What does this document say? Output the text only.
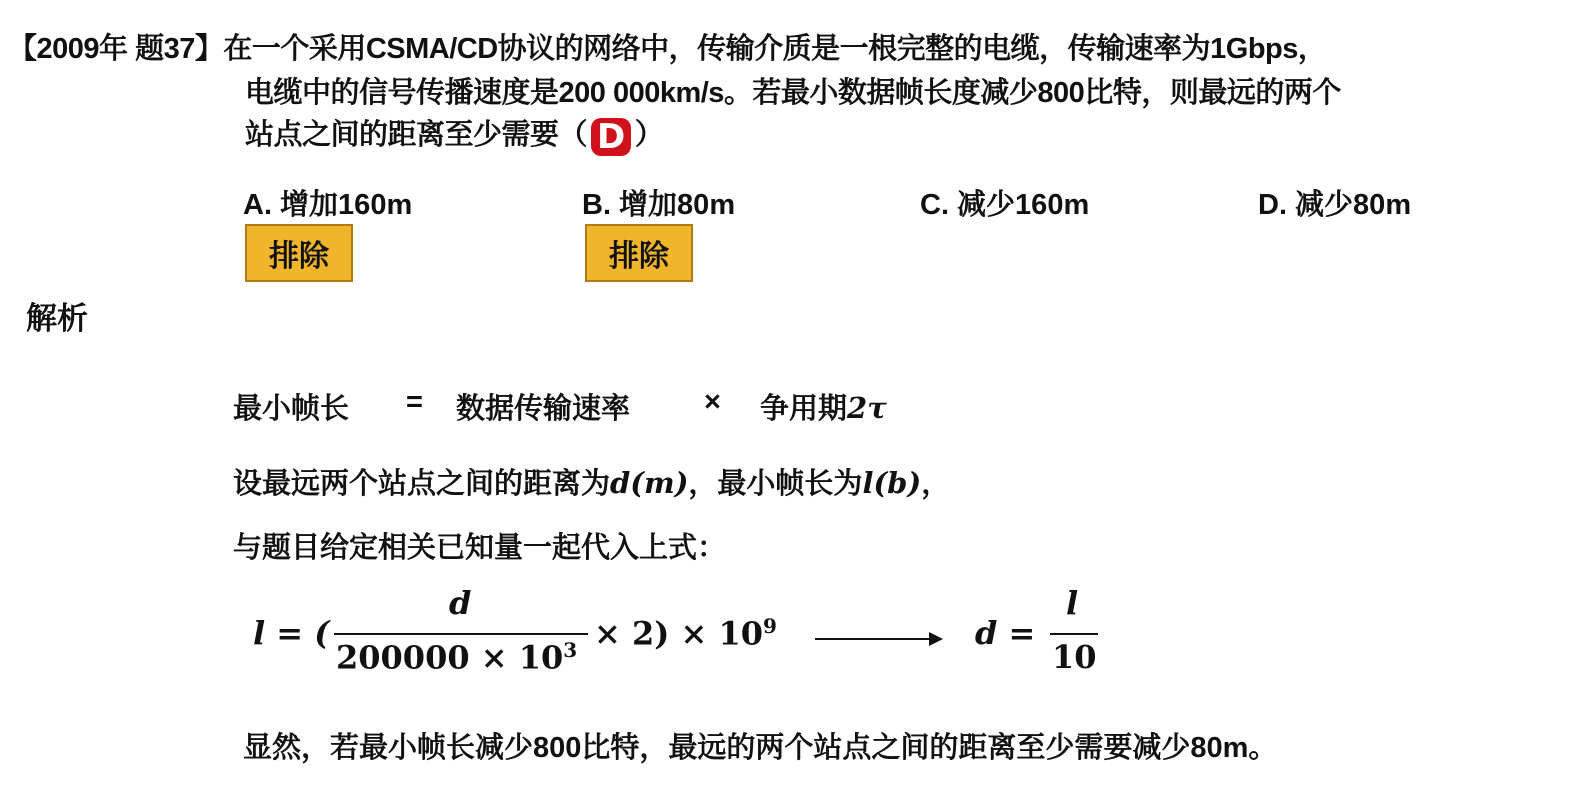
【2009年 题37】在一个采用CSMA/CD协议的网络中，传输介质是一根完整的电缆，传输速率为1Gbps，
电缆中的信号传播速度是200 000km/s。若最小数据帧长度减少800比特，则最远的两个
站点之间的距离至少需要（ D ）
A. 增加160m	B. 增加80m	C. 减少160m	D. 减少80m
排除	排除
解析
最小帧长 = 数据传输速率	× 争用期2τ
设最远两个站点之间的距离为d(m)，最小帧长为l(b)，
与题目给定相关已知量一起代入上式：
l = (
d
$200000 \times 10^3 \times 2) \times 10^9$	d =
l
10
显然，若最小帧长减少800比特，最远的两个站点之间的距离至少需要减少80m。
